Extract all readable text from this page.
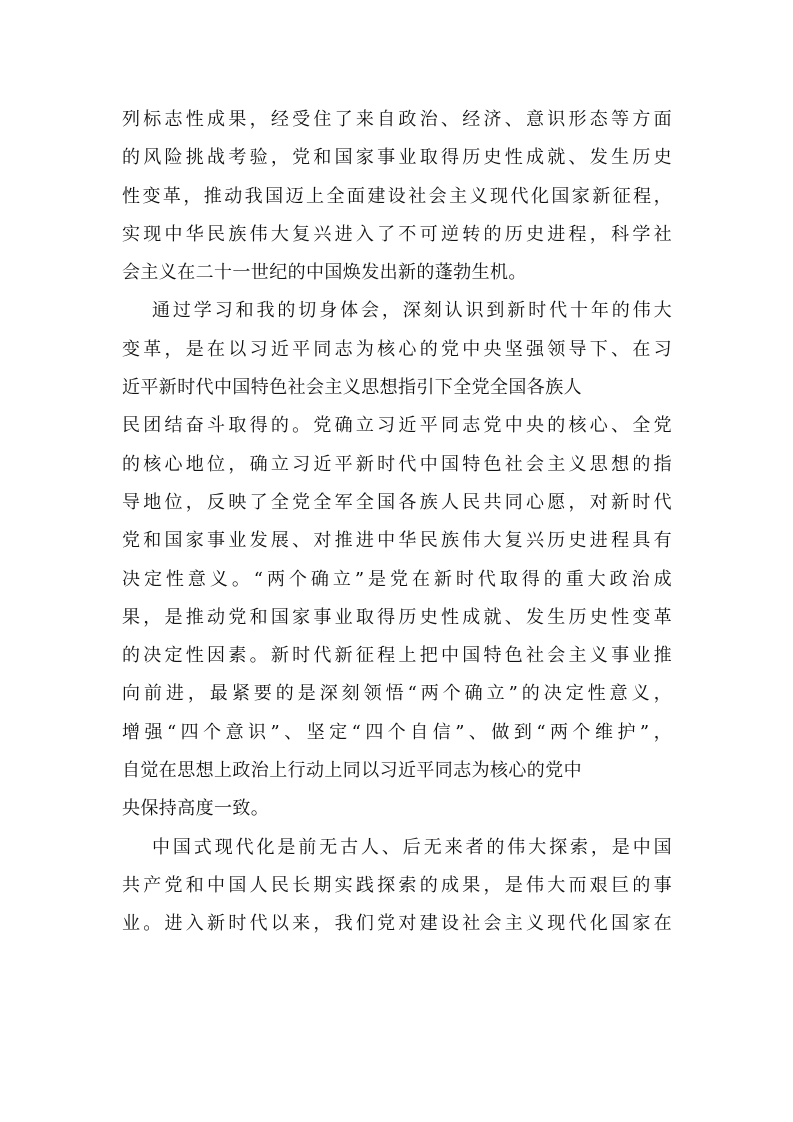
列标志性成果，经受住了来自政治、经济、意识形态等方面
的风险挑战考验，党和国家事业取得历史性成就、发生历史
性变革，推动我国迈上全面建设社会主义现代化国家新征程，
实现中华民族伟大复兴进入了不可逆转的历史进程，科学社
会主义在二十一世纪的中国焕发出新的蓬勃生机。
通过学习和我的切身体会，深刻认识到新时代十年的伟大
变革，是在以习近平同志为核心的党中央坚强领导下、在习
近平新时代中国特色社会主义思想指引下全党全国各族人
民团结奋斗取得的。党确立习近平同志党中央的核心、全党
的核心地位，确立习近平新时代中国特色社会主义思想的指
导地位，反映了全党全军全国各族人民共同心愿，对新时代
党和国家事业发展、对推进中华民族伟大复兴历史进程具有
决定性意义。“两个确立”是党在新时代取得的重大政治成
果，是推动党和国家事业取得历史性成就、发生历史性变革
的决定性因素。新时代新征程上把中国特色社会主义事业推
向前进，最紧要的是深刻领悟“两个确立”的决定性意义，
增强“四个意识”、坚定“四个自信”、做到“两个维护”，
自觉在思想上政治上行动上同以习近平同志为核心的党中
央保持高度一致。
中国式现代化是前无古人、后无来者的伟大探索，是中国
共产党和中国人民长期实践探索的成果，是伟大而艰巨的事
业。进入新时代以来，我们党对建设社会主义现代化国家在
